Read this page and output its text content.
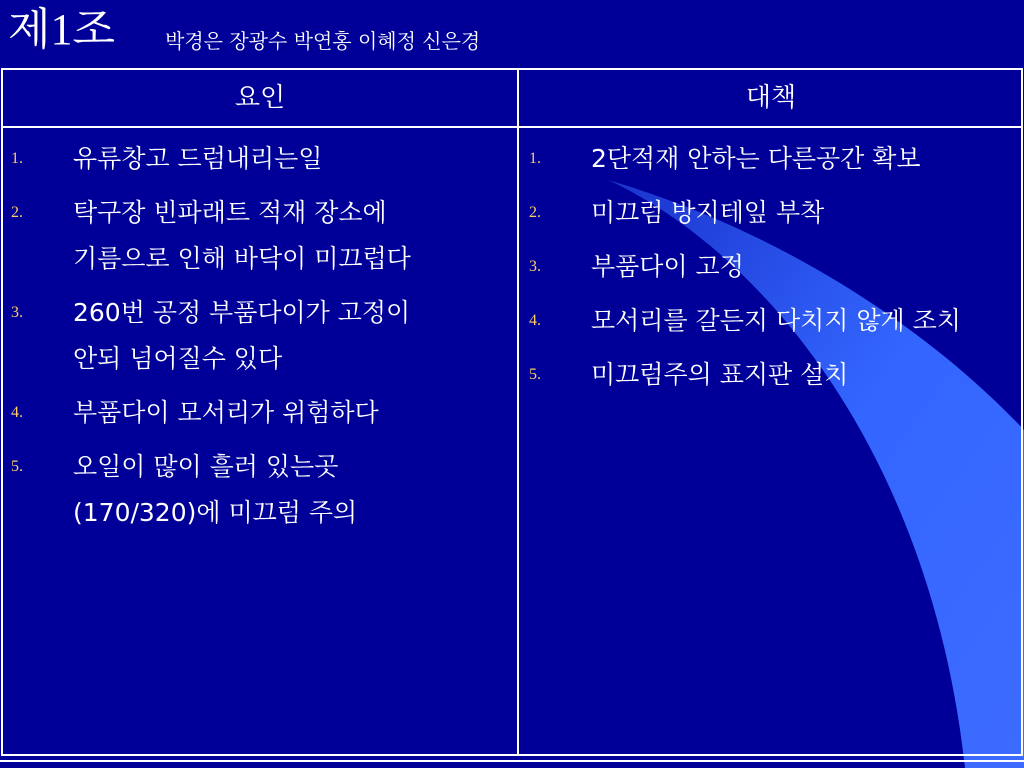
제1조 박경은 장광수 박연홍 이혜정 신은경
요인	대책
1.	유류창고 드럼내리는일
2.	탁구장 빈파래트 적재 장소에
기름으로 인해 바닥이 미끄럽다
3.	260번 공정 부품다이가 고정이
안되 넘어질수 있다
4.	부품다이 모서리가 위험하다
5.	오일이 많이 흘러 있는곳
(170/320)에 미끄럼 주의
1.	2단적재 안하는 다른공간 확보
2.	미끄럼 방지테잎 부착
3.	부품다이 고정
4.	모서리를 갈든지 다치지 않게 조치
5.	미끄럼주의 표지판 설치
